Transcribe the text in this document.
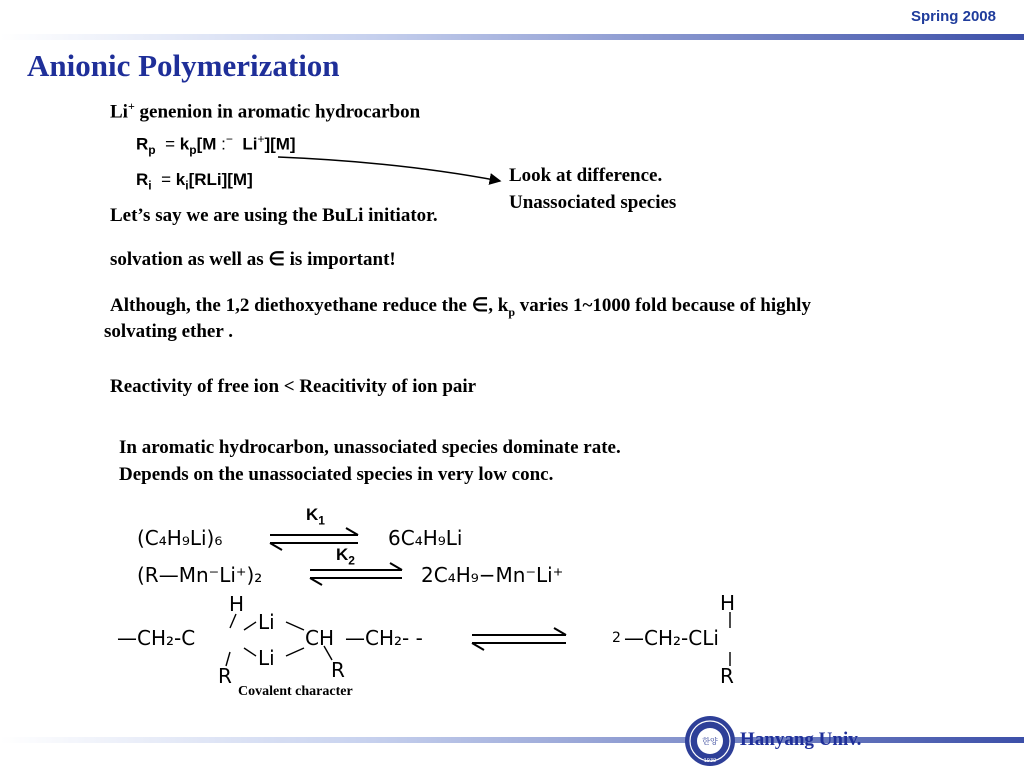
Spring 2008
Anionic Polymerization
Li+ genenion in aromatic hydrocarbon
$R_p = k_p[M$ :− Li+][M]
$R_i = k_i[RLi][M]$	Look at difference.
Unassociated species
Let’s say we are using the BuLi initiator.
solvation as well as ∈ is important!
Although, the 1,2 diethoxyethane reduce the ∈, $k_p$ varies 1~1000 fold because of highly
solvating ether .
Reactivity of free ion < Reacitivity of ion pair
In aromatic hydrocarbon, unassociated species dominate rate.
Depends on the unassociated species in very low conc.
(C₄H₉Li)₆
$K_1$
6C₄H₉Li
(R—Mn⁻Li⁺)₂
$K_2$
2C₄H₉−Mn⁻Li⁺
H
—CH₂-C
Li
Li
CH —CH₂- -
R	R
Covalent character
H
2 —CH₂-CLi
R
한양
1939
Hanyang Univ.
